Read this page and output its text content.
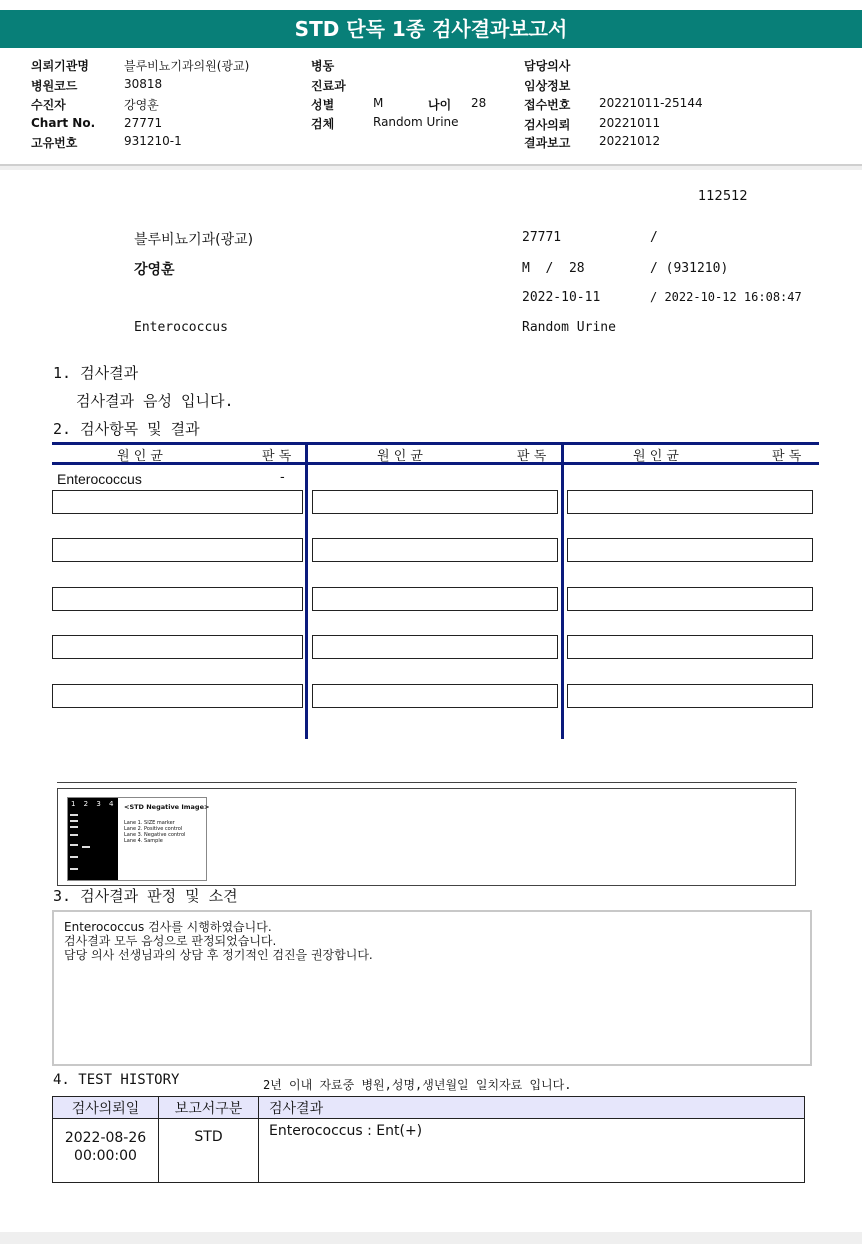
STD 단독 1종 검사결과보고서
의뢰기관명	블루비뇨기과의원(광교)
병원코드	30818
수진자	강영훈
Chart No. 27771
고유번호	931210-1
병동
진료과
성별	M	나이 28
검체	Random Urine
담당의사
임상정보
접수번호 20221011-25144
검사의뢰 20221011
결과보고 20221012
112512
블루비뇨기과(광교)	27771	/
강영훈	M  /  28	/ (931210)
2022-10-11	/ 2022-10-12 16:08:47
Enterococcus	Random Urine
1. 검사결과
검사결과 음성 입니다.
2. 검사항목 및 결과
원 인 균	판 독	원 인 균	판 독	원 인 균	판 독
Enterococcus	-
1 2 3 4 <STD Negative Image>
Lane 1. SIZE marker
Lane 2. Positive control
Lane 3. Negative control
Lane 4. Sample
3. 검사결과 판정 및 소견
Enterococcus 검사를 시행하였습니다.
검사결과 모두 음성으로 판정되었습니다.
담당 의사 선생님과의 상담 후 정기적인 검진을 권장합니다.
4. TEST HISTORY	2년 이내 자료중 병원,성명,생년월일 일치자료 입니다.
검사의뢰일	보고서구분	검사결과

2022-08-26
00:00:00	STD	Enterococcus : Ent(+)
